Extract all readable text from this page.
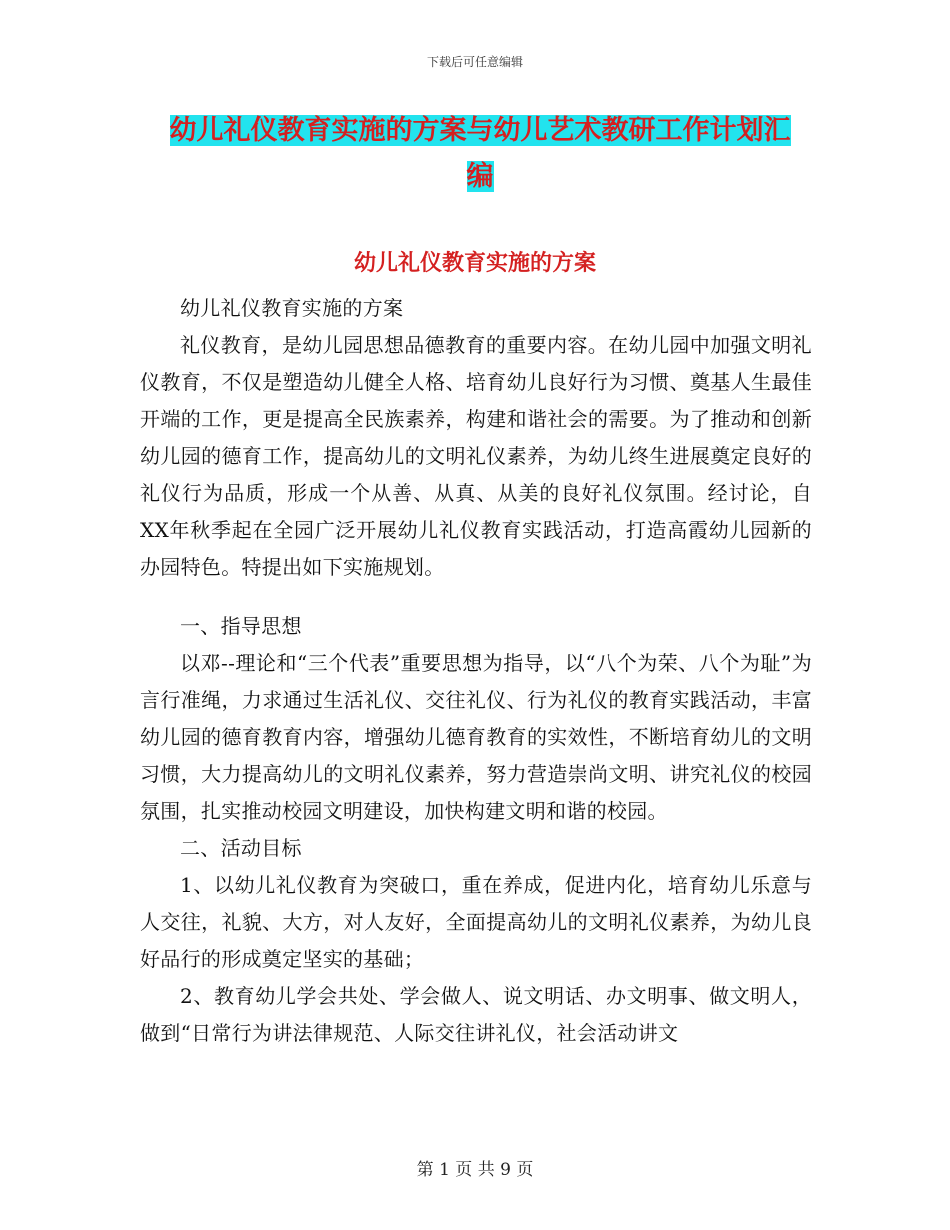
下载后可任意编辑
幼儿礼仪教育实施的方案与幼儿艺术教研工作计划汇
编
幼儿礼仪教育实施的方案

幼儿礼仪教育实施的方案

礼仪教育，是幼儿园思想品德教育的重要内容。在幼儿园中加强文明礼仪教育，不仅是塑造幼儿健全人格、培育幼儿良好行为习惯、奠基人生最佳开端的工作，更是提高全民族素养，构建和谐社会的需要。为了推动和创新幼儿园的德育工作，提高幼儿的文明礼仪素养，为幼儿终生进展奠定良好的礼仪行为品质，形成一个从善、从真、从美的良好礼仪氛围。经讨论，自XX年秋季起在全园广泛开展幼儿礼仪教育实践活动，打造高霞幼儿园新的办园特色。特提出如下实施规划。

一、指导思想

以邓--理论和“三个代表”重要思想为指导，以“八个为荣、八个为耻”为言行准绳，力求通过生活礼仪、交往礼仪、行为礼仪的教育实践活动，丰富幼儿园的德育教育内容，增强幼儿德育教育的实效性，不断培育幼儿的文明习惯，大力提高幼儿的文明礼仪素养，努力营造崇尚文明、讲究礼仪的校园氛围，扎实推动校园文明建设，加快构建文明和谐的校园。

二、活动目标

1、以幼儿礼仪教育为突破口，重在养成，促进内化，培育幼儿乐意与人交往，礼貌、大方，对人友好，全面提高幼儿的文明礼仪素养，为幼儿良好品行的形成奠定坚实的基础；

2、教育幼儿学会共处、学会做人、说文明话、办文明事、做文明人，做到“日常行为讲法律规范、人际交往讲礼仪，社会活动讲文

第 1 页 共 9 页
